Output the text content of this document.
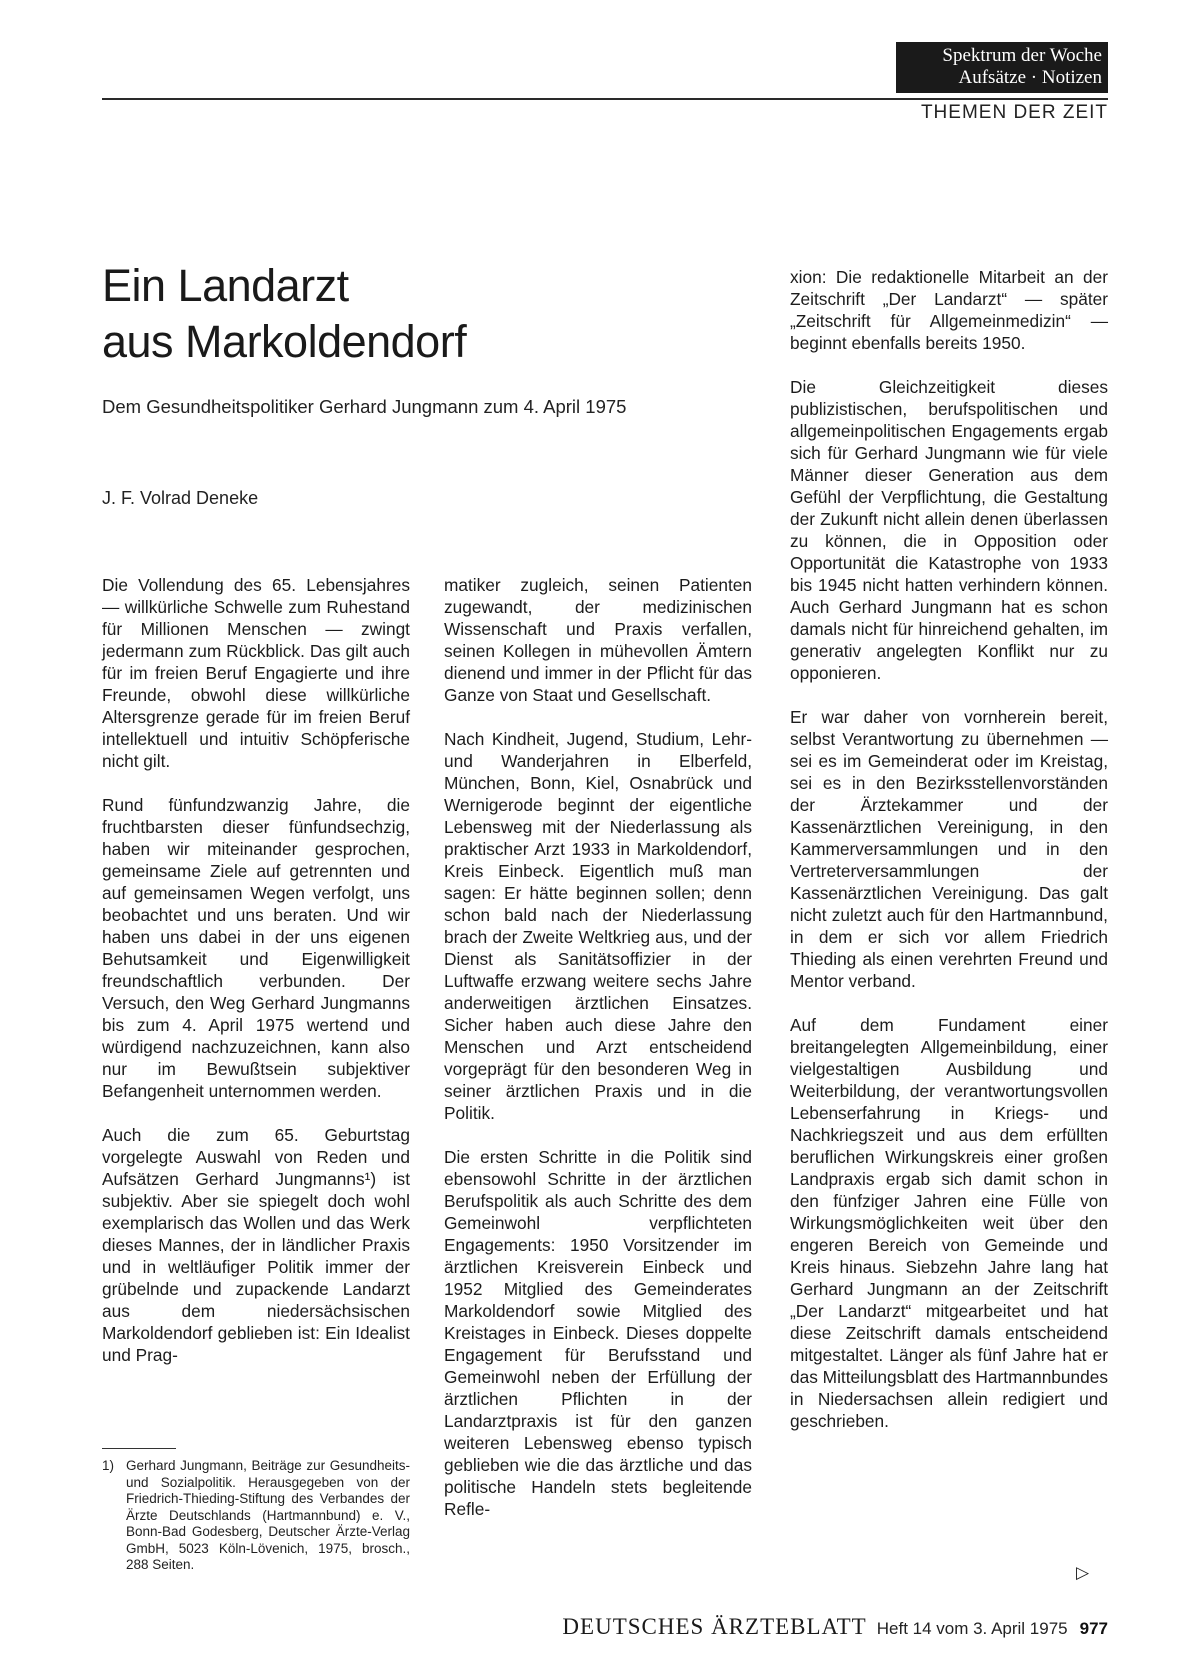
Spektrum der Woche
Aufsätze · Notizen
THEMEN DER ZEIT
Ein Landarzt
aus Markoldendorf
Dem Gesundheitspolitiker Gerhard Jungmann zum 4. April 1975
J. F. Volrad Deneke

Die Vollendung des 65. Lebensjahres — willkürliche Schwelle zum Ruhestand für Millionen Menschen — zwingt jedermann zum Rückblick. Das gilt auch für im freien Beruf Engagierte und ihre Freunde, obwohl diese willkürliche Altersgrenze gerade für im freien Beruf intellektuell und intuitiv Schöpferische nicht gilt.

Rund fünfundzwanzig Jahre, die fruchtbarsten dieser fünfundsechzig, haben wir miteinander gesprochen, gemeinsame Ziele auf getrennten und auf gemeinsamen Wegen verfolgt, uns beobachtet und uns beraten. Und wir haben uns dabei in der uns eigenen Behutsamkeit und Eigenwilligkeit freundschaftlich verbunden. Der Versuch, den Weg Gerhard Jungmanns bis zum 4. April 1975 wertend und würdigend nachzuzeichnen, kann also nur im Bewußtsein subjektiver Befangenheit unternommen werden.

Auch die zum 65. Geburtstag vorgelegte Auswahl von Reden und Aufsätzen Gerhard Jungmanns¹) ist subjektiv. Aber sie spiegelt doch wohl exemplarisch das Wollen und das Werk dieses Mannes, der in ländlicher Praxis und in weltläufiger Politik immer der grübelnde und zupackende Landarzt aus dem niedersächsischen Markoldendorf geblieben ist: Ein Idealist und Prag-

matiker zugleich, seinen Patienten zugewandt, der medizinischen Wissenschaft und Praxis verfallen, seinen Kollegen in mühevollen Ämtern dienend und immer in der Pflicht für das Ganze von Staat und Gesellschaft.

Nach Kindheit, Jugend, Studium, Lehr- und Wanderjahren in Elberfeld, München, Bonn, Kiel, Osnabrück und Wernigerode beginnt der eigentliche Lebensweg mit der Niederlassung als praktischer Arzt 1933 in Markoldendorf, Kreis Einbeck. Eigentlich muß man sagen: Er hätte beginnen sollen; denn schon bald nach der Niederlassung brach der Zweite Weltkrieg aus, und der Dienst als Sanitätsoffizier in der Luftwaffe erzwang weitere sechs Jahre anderweitigen ärztlichen Einsatzes. Sicher haben auch diese Jahre den Menschen und Arzt entscheidend vorgeprägt für den besonderen Weg in seiner ärztlichen Praxis und in die Politik.

Die ersten Schritte in die Politik sind ebensowohl Schritte in der ärztlichen Berufspolitik als auch Schritte des dem Gemeinwohl verpflichteten Engagements: 1950 Vorsitzender im ärztlichen Kreisverein Einbeck und 1952 Mitglied des Gemeinderates Markoldendorf sowie Mitglied des Kreistages in Einbeck. Dieses doppelte Engagement für Berufsstand und Gemeinwohl neben der Erfüllung der ärztlichen Pflichten in der Landarztpraxis ist für den ganzen weiteren Lebensweg ebenso typisch geblieben wie die das ärztliche und das politische Handeln stets begleitende Refle-

xion: Die redaktionelle Mitarbeit an der Zeitschrift „Der Landarzt“ — später „Zeitschrift für Allgemeinmedizin“ — beginnt ebenfalls bereits 1950.

Die Gleichzeitigkeit dieses publizistischen, berufspolitischen und allgemeinpolitischen Engagements ergab sich für Gerhard Jungmann wie für viele Männer dieser Generation aus dem Gefühl der Verpflichtung, die Gestaltung der Zukunft nicht allein denen überlassen zu können, die in Opposition oder Opportunität die Katastrophe von 1933 bis 1945 nicht hatten verhindern können. Auch Gerhard Jungmann hat es schon damals nicht für hinreichend gehalten, im generativ angelegten Konflikt nur zu opponieren.

Er war daher von vornherein bereit, selbst Verantwortung zu übernehmen — sei es im Gemeinderat oder im Kreistag, sei es in den Bezirksstellenvorständen der Ärztekammer und der Kassenärztlichen Vereinigung, in den Kammerversammlungen und in den Vertreterversammlungen der Kassenärztlichen Vereinigung. Das galt nicht zuletzt auch für den Hartmannbund, in dem er sich vor allem Friedrich Thieding als einen verehrten Freund und Mentor verband.

Auf dem Fundament einer breitangelegten Allgemeinbildung, einer vielgestaltigen Ausbildung und Weiterbildung, der verantwortungsvollen Lebenserfahrung in Kriegs- und Nachkriegszeit und aus dem erfüllten beruflichen Wirkungskreis einer großen Landpraxis ergab sich damit schon in den fünfziger Jahren eine Fülle von Wirkungsmöglichkeiten weit über den engeren Bereich von Gemeinde und Kreis hinaus. Siebzehn Jahre lang hat Gerhard Jungmann an der Zeitschrift „Der Landarzt“ mitgearbeitet und hat diese Zeitschrift damals entscheidend mitgestaltet. Länger als fünf Jahre hat er das Mitteilungsblatt des Hartmannbundes in Niedersachsen allein redigiert und geschrieben.

1) Gerhard Jungmann, Beiträge zur Gesundheits- und Sozialpolitik. Herausgegeben von der Friedrich-Thieding-Stiftung des Verbandes der Ärzte Deutschlands (Hartmannbund) e. V., Bonn-Bad Godesberg, Deutscher Ärzte-Verlag GmbH, 5023 Köln-Lövenich, 1975, brosch., 288 Seiten.	▷
DEUTSCHES ÄRZTEBLATT Heft 14 vom 3. April 1975 977
